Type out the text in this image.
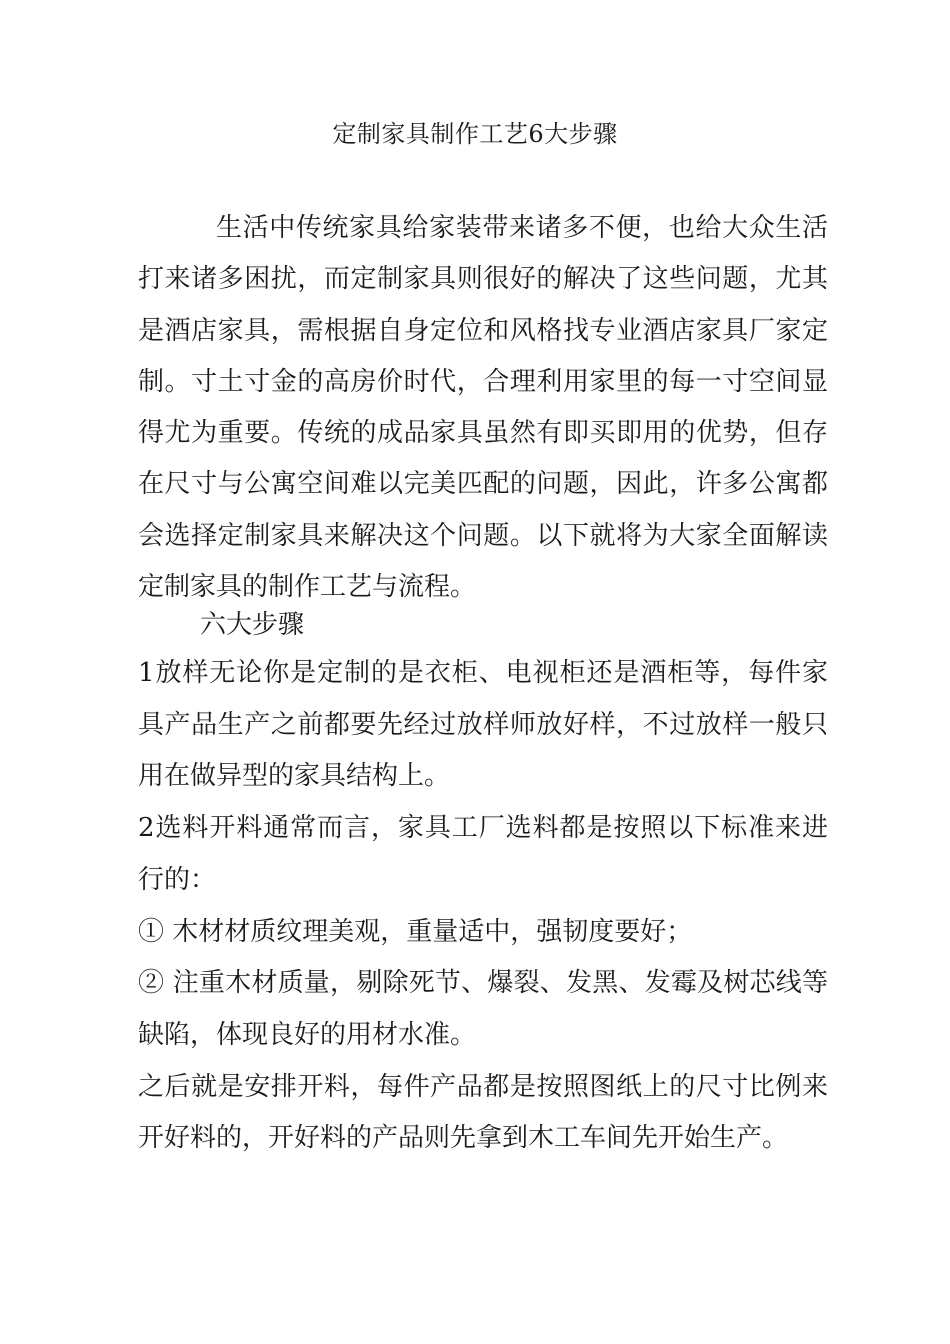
定制家具制作工艺6大步骤

生活中传统家具给家装带来诸多不便，也给大众生活打来诸多困扰，而定制家具则很好的解决了这些问题，尤其是酒店家具，需根据自身定位和风格找专业酒店家具厂家定制。寸土寸金的高房价时代，合理利用家里的每一寸空间显得尤为重要。传统的成品家具虽然有即买即用的优势，但存在尺寸与公寓空间难以完美匹配的问题，因此，许多公寓都会选择定制家具来解决这个问题。以下就将为大家全面解读定制家具的制作工艺与流程。

六大步骤

1放样无论你是定制的是衣柜、电视柜还是酒柜等，每件家具产品生产之前都要先经过放样师放好样，不过放样一般只用在做异型的家具结构上。

2选料开料通常而言，家具工厂选料都是按照以下标准来进行的：

① 木材材质纹理美观，重量适中，强韧度要好；

② 注重木材质量，剔除死节、爆裂、发黑、发霉及树芯线等缺陷，体现良好的用材水准。

之后就是安排开料，每件产品都是按照图纸上的尺寸比例来开好料的，开好料的产品则先拿到木工车间先开始生产。
